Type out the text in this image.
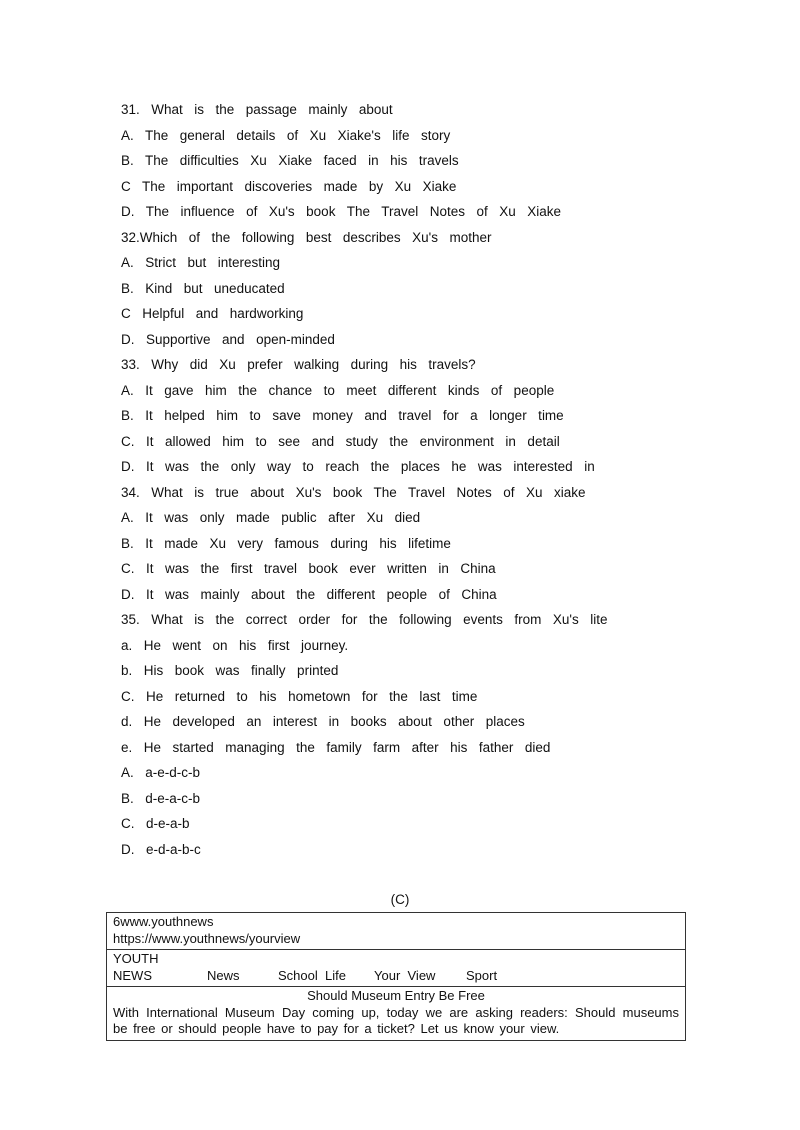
31.  What  is  the  passage  mainly  about
A.  The  general  details  of  Xu  Xiake's  life  story
B.  The  difficulties  Xu  Xiake  faced  in  his  travels
C  The  important  discoveries  made  by  Xu  Xiake
D.  The  influence  of  Xu's  book  The  Travel  Notes  of  Xu  Xiake
32.Which  of  the  following  best  describes  Xu's  mother
A.  Strict  but  interesting
B.  Kind  but  uneducated
C  Helpful  and  hardworking
D.  Supportive  and  open-minded
33.  Why  did  Xu  prefer  walking  during  his  travels?
A.  It  gave  him  the  chance  to  meet  different  kinds  of  people
B.  It  helped  him  to  save  money  and  travel  for  a  longer  time
C.  It  allowed  him  to  see  and  study  the  environment  in  detail
D.  It  was  the  only  way  to  reach  the  places  he  was  interested  in
34.  What  is  true  about  Xu's  book  The  Travel  Notes  of  Xu  xiake
A.  It  was  only  made  public  after  Xu  died
B.  It  made  Xu  very  famous  during  his  lifetime
C.  It  was  the  first  travel  book  ever  written  in  China
D.  It  was  mainly  about  the  different  people  of  China
35.  What  is  the  correct  order  for  the  following  events  from  Xu's  lite
a.  He  went  on  his  first  journey.
b.  His  book  was  finally  printed
C.  He  returned  to  his  hometown  for  the  last  time
d.  He  developed  an  interest  in  books  about  other  places
e.  He  started  managing  the  family  farm  after  his  father  died
A.  a-e-d-c-b
B.  d-e-a-c-b
C.  d-e-a-b
D.  e-d-a-b-c
(C)
6www.youthnews
https://www.youthnews/yourview
YOUTH
NEWS	News	School  Life Your  View Sport
Should Museum Entry Be Free
With International Museum Day coming up, today we are asking readers: Should museums be free or should people have to pay for a ticket? Let us know your view.
